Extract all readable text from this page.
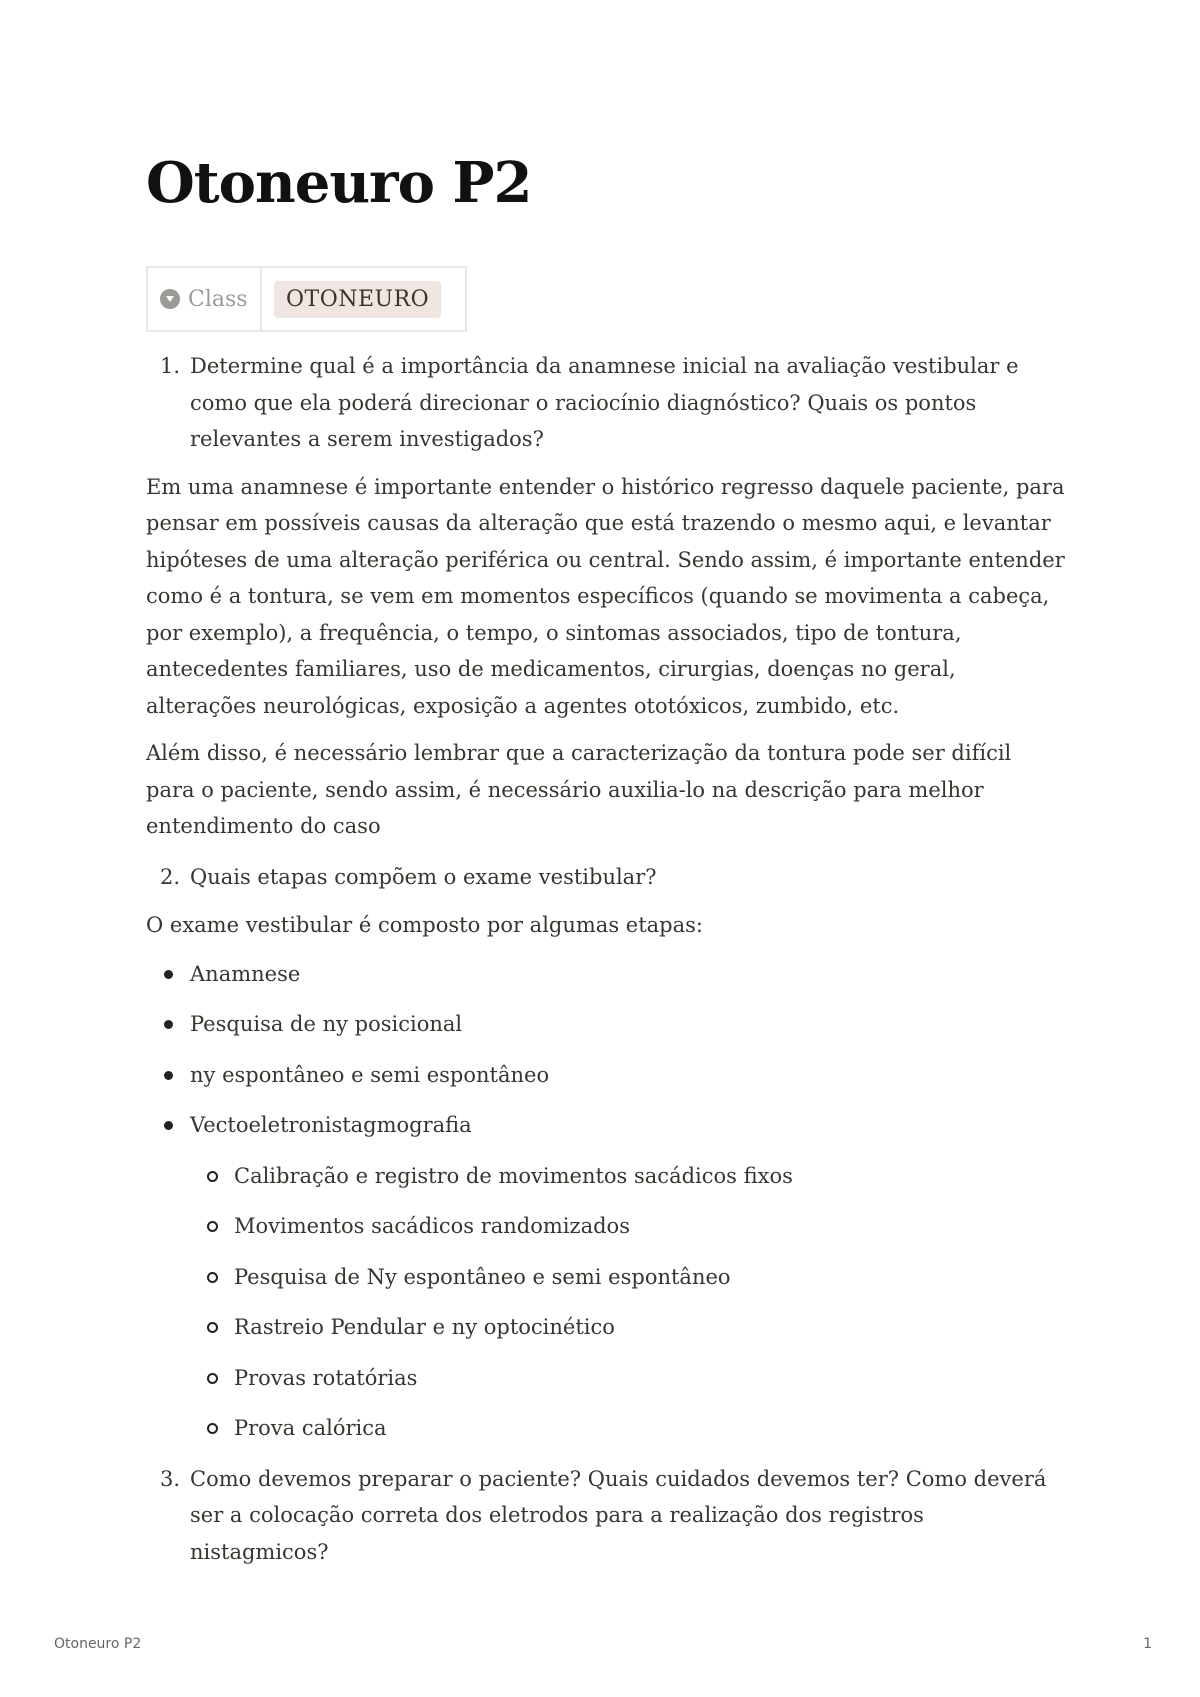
Otoneuro P2
Class	OTONEURO
1. Determine qual é a importância da anamnese inicial na avaliação vestibular e como que ela poderá direcionar o raciocínio diagnóstico? Quais os pontos relevantes a serem investigados?

Em uma anamnese é importante entender o histórico regresso daquele paciente, para pensar em possíveis causas da alteração que está trazendo o mesmo aqui, e levantar hipóteses de uma alteração periférica ou central. Sendo assim, é importante entender como é a tontura, se vem em momentos específicos (quando se movimenta a cabeça, por exemplo), a frequência, o tempo, o sintomas associados, tipo de tontura, antecedentes familiares, uso de medicamentos, cirurgias, doenças no geral, alterações neurológicas, exposição a agentes ototóxicos, zumbido, etc.

Além disso, é necessário lembrar que a caracterização da tontura pode ser difícil para o paciente, sendo assim, é necessário auxilia-lo na descrição para melhor entendimento do caso

2. Quais etapas compõem o exame vestibular?

O exame vestibular é composto por algumas etapas:

Anamnese
Pesquisa de ny posicional
ny espontâneo e semi espontâneo
Vectoeletronistagmografia
Calibração e registro de movimentos sacádicos fixos
Movimentos sacádicos randomizados
Pesquisa de Ny espontâneo e semi espontâneo
Rastreio Pendular e ny optocinético
Provas rotatórias
Prova calórica
3. Como devemos preparar o paciente? Quais cuidados devemos ter? Como deverá ser a colocação correta dos eletrodos para a realização dos registros nistagmicos?
Otoneuro P2	1
